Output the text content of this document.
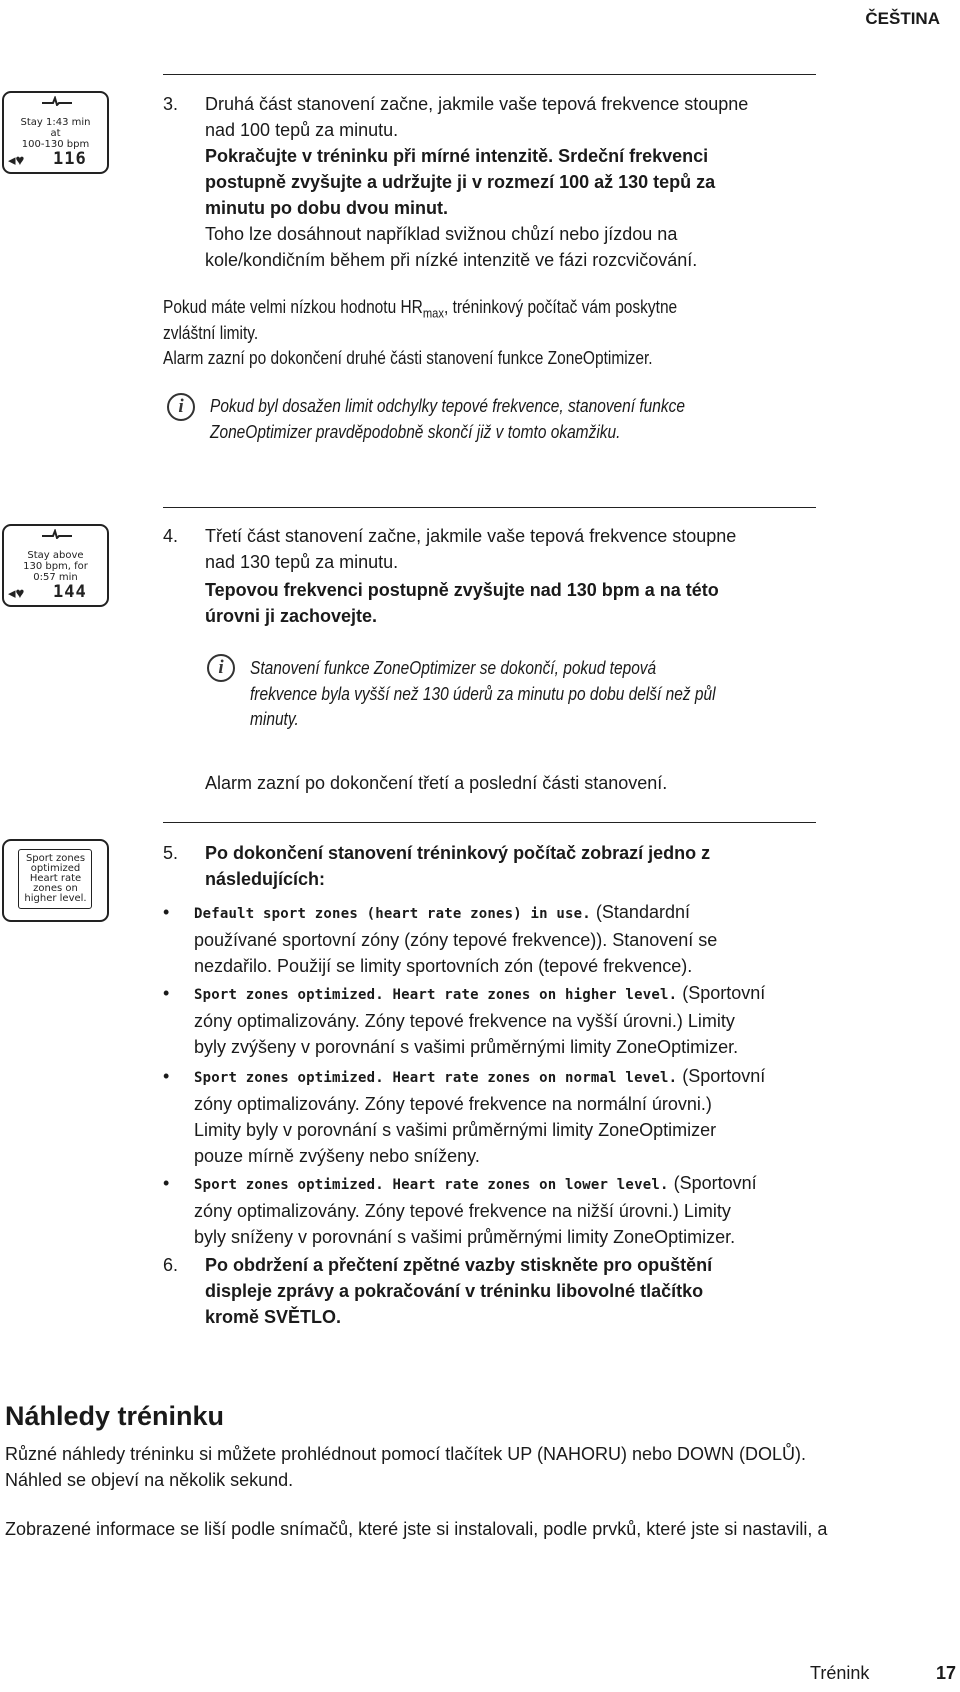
ČEŠTINA
Stay 1:43 min
at
100-130 bpm
◂♥ 116
3. Druhá část stanovení začne, jakmile vaše tepová frekvence stoupne

nad 100 tepů za minutu.

Pokračujte v tréninku při mírné intenzitě. Srdeční frekvenci

postupně zvyšujte a udržujte ji v rozmezí 100 až 130 tepů za

minutu po dobu dvou minut.

Toho lze dosáhnout například svižnou chůzí nebo jízdou na

kole/kondičním během při nízké intenzitě ve fázi rozcvičování.

Pokud máte velmi nízkou hodnotu $HR_{max}$, tréninkový počítač vám poskytne
zvláštní limity.
Alarm zazní po dokončení druhé části stanovení funkce ZoneOptimizer.
i	Pokud byl dosažen limit odchylky tepové frekvence, stanovení funkce
ZoneOptimizer pravděpodobně skončí již v tomto okamžiku.
Stay above
130 bpm, for
0:57 min
◂♥ 144
4. Třetí část stanovení začne, jakmile vaše tepová frekvence stoupne

nad 130 tepů za minutu.

Tepovou frekvenci postupně zvyšujte nad 130 bpm a na této

úrovni ji zachovejte.

i	Stanovení funkce ZoneOptimizer se dokončí, pokud tepová
frekvence byla vyšší než 130 úderů za minutu po dobu delší než půl
minuty.
Alarm zazní po dokončení třetí a poslední části stanovení.
Sport zones
optimized
Heart rate
zones on
higher level.
5. Po dokončení stanovení tréninkový počítač zobrazí jedno z

následujících:

• Default sport zones (heart rate zones) in use. (Standardní

používané sportovní zóny (zóny tepové frekvence)). Stanovení se

nezdařilo. Použijí se limity sportovních zón (tepové frekvence).

• Sport zones optimized. Heart rate zones on higher level. (Sportovní

zóny optimalizovány. Zóny tepové frekvence na vyšší úrovni.) Limity

byly zvýšeny v porovnání s vašimi průměrnými limity ZoneOptimizer.

• Sport zones optimized. Heart rate zones on normal level. (Sportovní

zóny optimalizovány. Zóny tepové frekvence na normální úrovni.)

Limity byly v porovnání s vašimi průměrnými limity ZoneOptimizer

pouze mírně zvýšeny nebo sníženy.

• Sport zones optimized. Heart rate zones on lower level. (Sportovní

zóny optimalizovány. Zóny tepové frekvence na nižší úrovni.) Limity

byly sníženy v porovnání s vašimi průměrnými limity ZoneOptimizer.

6. Po obdržení a přečtení zpětné vazby stiskněte pro opuštění

displeje zprávy a pokračování v tréninku libovolné tlačítko

kromě SVĚTLO.

Náhledy tréninku

Různé náhledy tréninku si můžete prohlédnout pomocí tlačítek UP (NAHORU) nebo DOWN (DOLŮ).

Náhled se objeví na několik sekund.

Zobrazené informace se liší podle snímačů, které jste si instalovali, podle prvků, které jste si nastavili, a
Trénink	17
